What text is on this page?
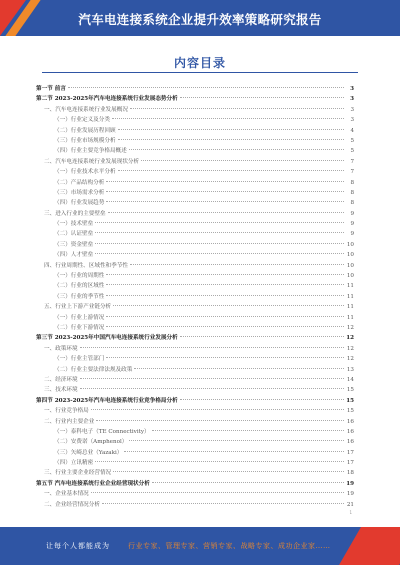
汽车电连接系统企业提升效率策略研究报告
内容目录
第一节 前言	3
第二节 2023-2025年汽车电连接系统行业发展态势分析	3
一、汽车电连接系统行业发展概况	3
（一）行业定义及分类	3
（二）行业发展历程回顾	4
（三）行业市场规模分析	5
（四）行业主要竞争格局概述	5
二、汽车电连接系统行业发展现状分析	7
（一）行业技术水平分析	7
（二）产品结构分析	8
（三）市场需求分析	8
（四）行业发展趋势	8
三、进入行业的主要壁垒	9
（一）技术壁垒	9
（二）认证壁垒	9
（三）资金壁垒	10
（四）人才壁垒	10
四、行业周期性、区域性和季节性	10
（一）行业的周期性	10
（二）行业的区域性	11
（三）行业的季节性	11
五、行业上下游产业链分析	11
（一）行业上游情况	11
（二）行业下游情况	12
第三节 2023-2025年中国汽车电连接系统行业发展分析	12
一、政策环境	12
（一）行业主管部门	12
（二）行业主要法律法规及政策	13
二、经济环境	14
三、技术环境	15
第四节 2023-2025年汽车电连接系统行业竞争格局分析	15
一、行业竞争格局	15
二、行业内主要企业	16
（一）泰科电子（TE Connectivity）	16
（二）安费诺（Amphenol）	16
（三）矢崎总业（Yazaki）	17
（四）立讯精密	17
三、行业主要企业经营情况	18
第五节 汽车电连接系统行业企业经营现状分析	19
一、企业基本情况	19
二、企业经营情况分析	21
1
让每个人都能成为	行业专家、管理专家、营销专家、战略专家、成功企业家……
